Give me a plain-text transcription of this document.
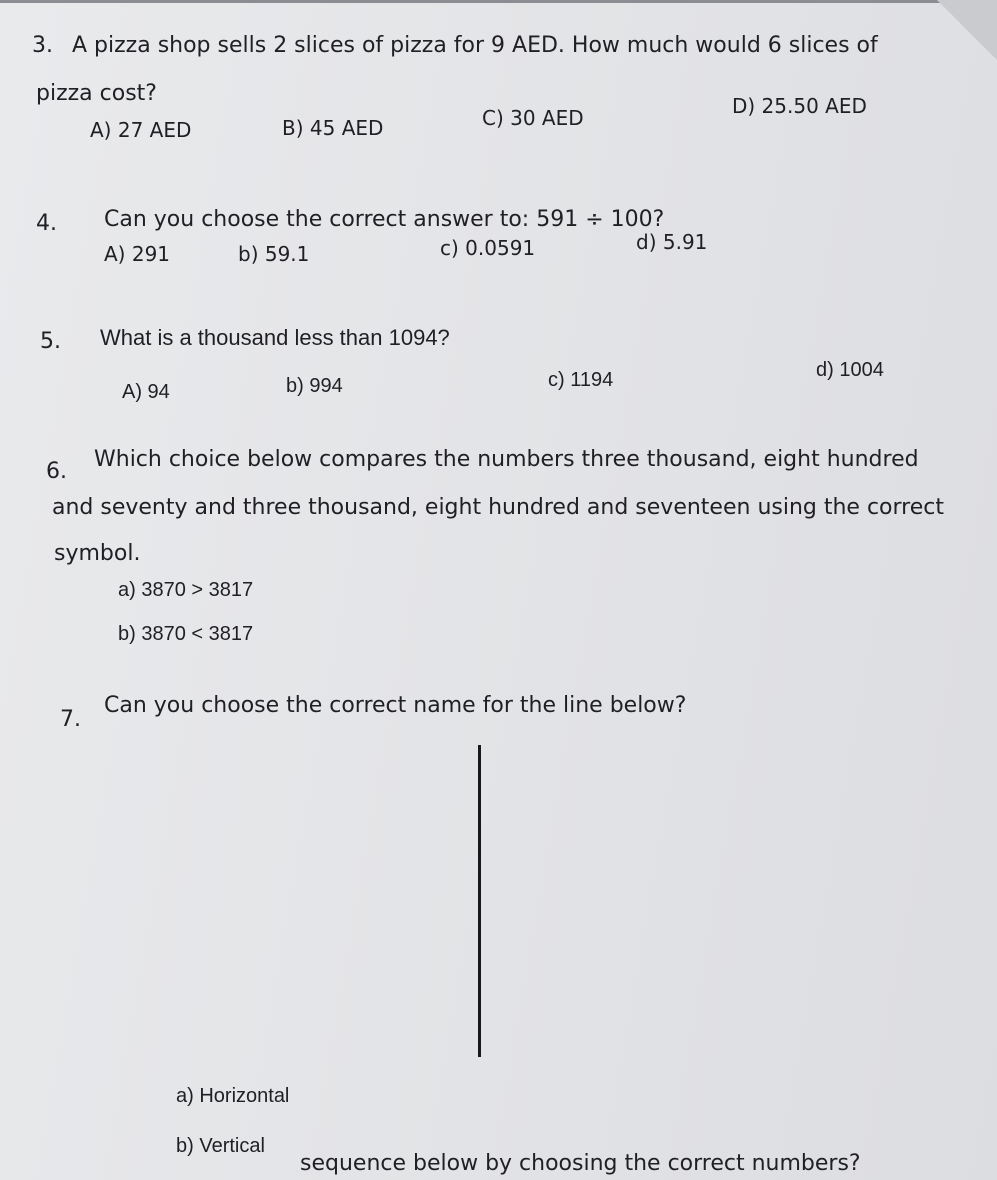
3. A pizza shop sells 2 slices of pizza for 9 AED. How much would 6 slices of
pizza cost?
A) 27 AED	B) 45 AED	C) 30 AED	D) 25.50 AED
4. Can you choose the correct answer to: 591 ÷ 100?
A) 291	b) 59.1	c) 0.0591	d) 5.91
5. What is a thousand less than 1094?
A) 94	b) 994	c) 1194	d) 1004
6. Which choice below compares the numbers three thousand, eight hundred
and seventy and three thousand, eight hundred and seventeen using the correct
symbol.
a) 3870 > 3817
b) 3870 < 3817
7.
Can you choose the correct name for the line below?
a) Horizontal
b) Vertical
sequence below by choosing the correct numbers?
